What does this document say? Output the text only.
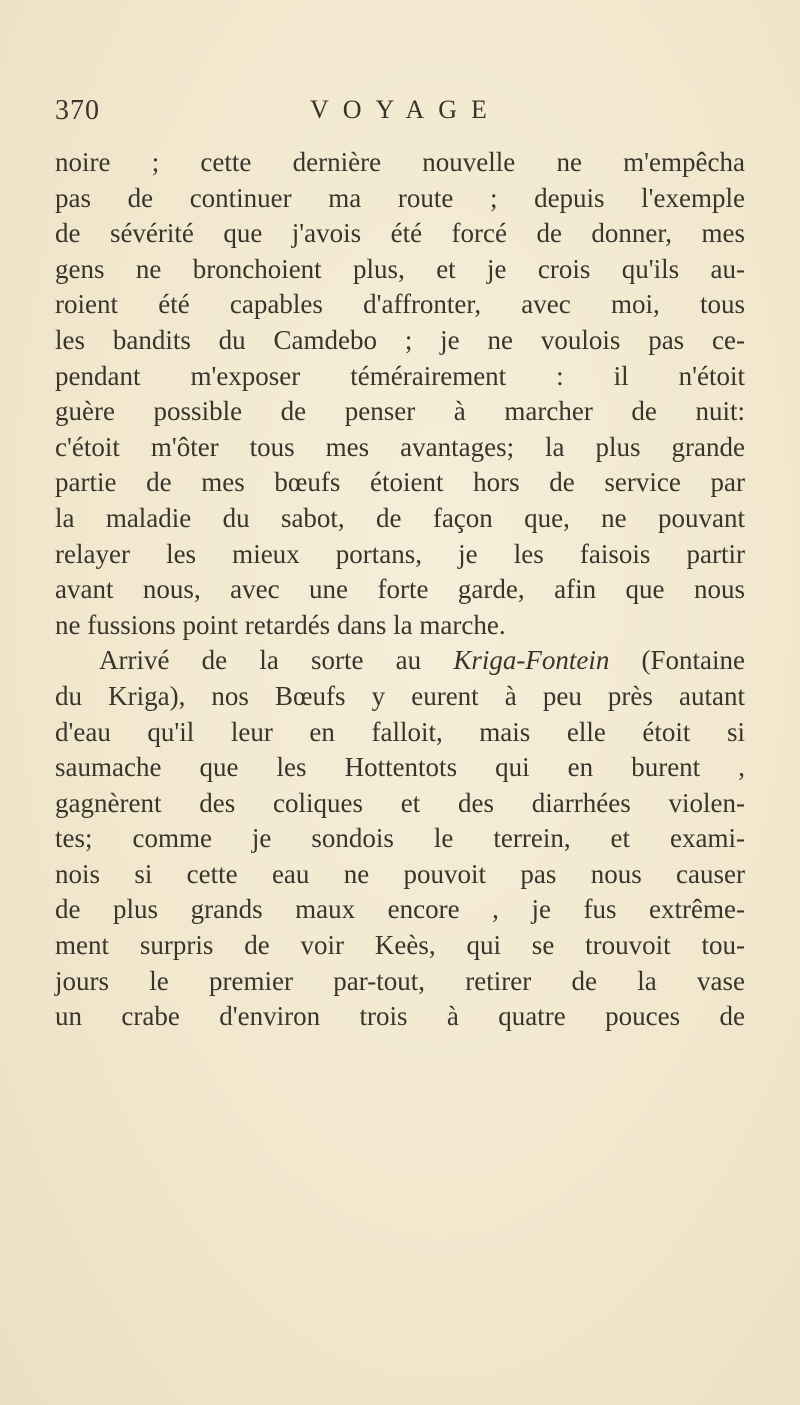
370	VOYAGE
noire ; cette dernière nouvelle ne m'empêcha
pas de continuer ma route ; depuis l'exemple
de sévérité que j'avois été forcé de donner, mes
gens ne bronchoient plus, et je crois qu'ils au-
roient été capables d'affronter, avec moi, tous
les bandits du Camdebo ; je ne voulois pas ce-
pendant m'exposer témérairement : il n'étoit
guère possible de penser à marcher de nuit:
c'étoit m'ôter tous mes avantages; la plus grande
partie de mes bœufs étoient hors de service par
la maladie du sabot, de façon que, ne pouvant
relayer les mieux portans, je les faisois partir
avant nous, avec une forte garde, afin que nous
ne fussions point retardés dans la marche.
Arrivé de la sorte au Kriga-Fontein (Fontaine
du Kriga), nos Bœufs y eurent à peu près autant
d'eau qu'il leur en falloit, mais elle étoit si
saumache que les Hottentots qui en burent ,
gagnèrent des coliques et des diarrhées violen-
tes; comme je sondois le terrein, et exami-
nois si cette eau ne pouvoit pas nous causer
de plus grands maux encore , je fus extrême-
ment surpris de voir Keès, qui se trouvoit tou-
jours le premier par-tout, retirer de la vase
un crabe d'environ trois à quatre pouces de
